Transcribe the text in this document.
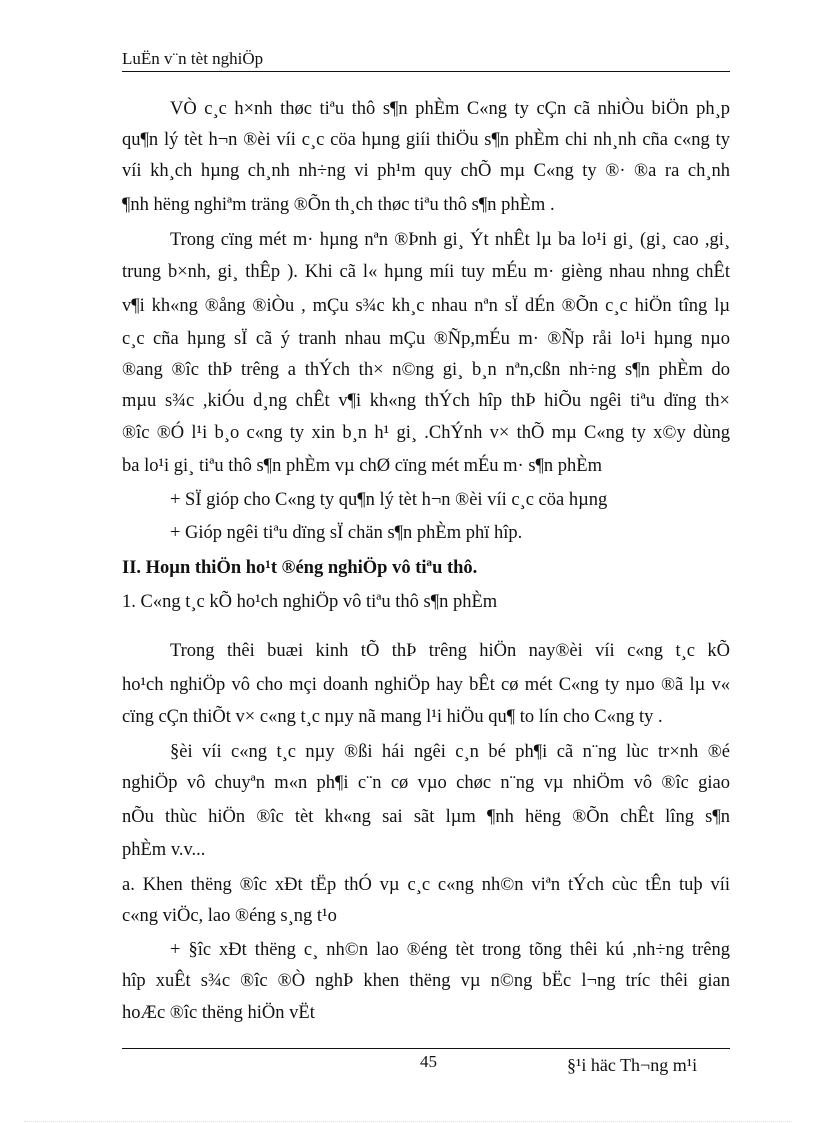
LuËn v¨n tèt nghiÖp
VÒ c¸c h×nh thøc tiªu thô s¶n phÈm C«ng ty cÇn cã nhiÒu biÖn ph¸p
qu¶n lý tèt h¬n ®èi víi c¸c cöa hµng giíi thiÖu s¶n phÈm chi nh¸nh cña c«ng ty
víi kh¸ch hµng ch¸nh nh÷ng vi ph¹m quy chÕ mµ C«ng ty ®· ®a ra ch¸nh
¶nh hëng nghiªm träng ®Õn th¸ch thøc tiªu thô s¶n phÈm .
Trong cïng mét m· hµng nªn ®Þnh gi¸ Ýt nhÊt lµ ba lo¹i gi¸ (gi¸ cao ,gi¸
trung b×nh, gi¸ thÊp ). Khi cã l« hµng míi tuy mÉu m· gièng nhau nhng chÊt
v¶i kh«ng ®ång ®iÒu , mÇu s¾c kh¸c nhau nªn sÏ dÉn ®Õn c¸c hiÖn tîng lµ
c¸c cña hµng sÏ cã ý tranh nhau mÇu ®Ñp,mÉu m· ®Ñp råi lo¹i hµng nµo
®ang ®îc thÞ trêng a thÝch th× n©ng gi¸ b¸n nªn,cßn nh÷ng s¶n phÈm do
mµu s¾c ,kiÓu d¸ng chÊt v¶i kh«ng thÝch hîp thÞ hiÕu ngêi tiªu dïng th×
®îc ®Ó l¹i b¸o c«ng ty xin b¸n h¹ gi¸ .ChÝnh v× thÕ mµ C«ng ty x©y dùng
ba lo¹i gi¸ tiªu thô s¶n phÈm vµ chØ cïng mét mÉu m· s¶n phÈm
+ SÏ gióp cho C«ng ty qu¶n lý tèt h¬n ®èi víi c¸c cöa hµng
+ Gióp ngêi tiªu dïng sÏ chän s¶n phÈm phï hîp.
II. Hoµn thiÖn ho¹t ®éng nghiÖp vô tiªu thô.
1. C«ng t¸c kÕ ho¹ch nghiÖp vô tiªu thô s¶n phÈm
Trong thêi buæi kinh tÕ thÞ trêng hiÖn nay®èi víi c«ng t¸c kÕ
ho¹ch nghiÖp vô cho mçi doanh nghiÖp hay bÊt cø mét C«ng ty nµo ®ã lµ v«
cïng cÇn thiÕt v× c«ng t¸c nµy nã mang l¹i hiÖu qu¶ to lín cho C«ng ty .
§èi víi c«ng t¸c nµy ®ßi hái ngêi c¸n bé ph¶i cã n¨ng lùc tr×nh ®é
nghiÖp vô chuyªn m«n ph¶i c¨n cø vµo chøc n¨ng vµ nhiÖm vô ®îc giao
nÕu thùc hiÖn ®îc tèt kh«ng sai sãt lµm ¶nh hëng ®Õn chÊt lîng s¶n
phÈm v.v...
a. Khen thëng ®îc xÐt tËp thÓ vµ c¸c c«ng nh©n viªn tÝch cùc tÊn tuþ víi
c«ng viÖc, lao ®éng s¸ng t¹o
+ §îc xÐt thëng c¸ nh©n lao ®éng tèt trong tõng thêi kú ,nh÷ng trêng
hîp xuÊt s¾c ®îc ®Ò nghÞ khen thëng vµ n©ng bËc l¬ng tríc thêi gian
hoÆc ®îc thëng hiÖn vËt
45	§¹i häc Th¬ng m¹i
